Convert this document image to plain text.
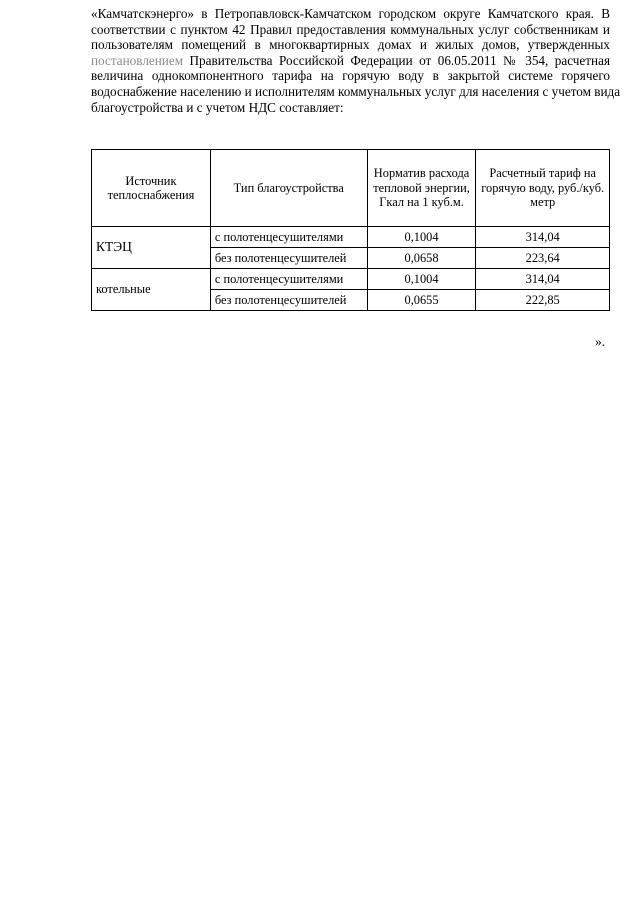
«Камчатскэнерго» в Петропавловск-Камчатском городском округе Камчатского края. В
соответствии с пунктом 42 Правил предоставления коммунальных услуг собственникам и
пользователям помещений в многоквартирных домах и жилых домов, утвержденных
постановлением Правительства Российской Федерации от 06.05.2011 № 354, расчетная
величина однокомпонентного тарифа на горячую воду в закрытой системе горячего
водоснабжение населению и исполнителям коммунальных услуг для населения с учетом вида
благоустройства и с учетом НДС составляет:

Источник теплоснабжения	Тип благоустройства	Норматив расхода тепловой энергии, Гкал на 1 куб.м.	Расчетный тариф на горячую воду, руб./куб. метр
КТЭЦ	с полотенцесушителями	0,1004	314,04
	без полотенцесушителей	0,0658	223,64
котельные	с полотенцесушителями	0,1004	314,04
	без полотенцесушителей	0,0655	222,85
».
